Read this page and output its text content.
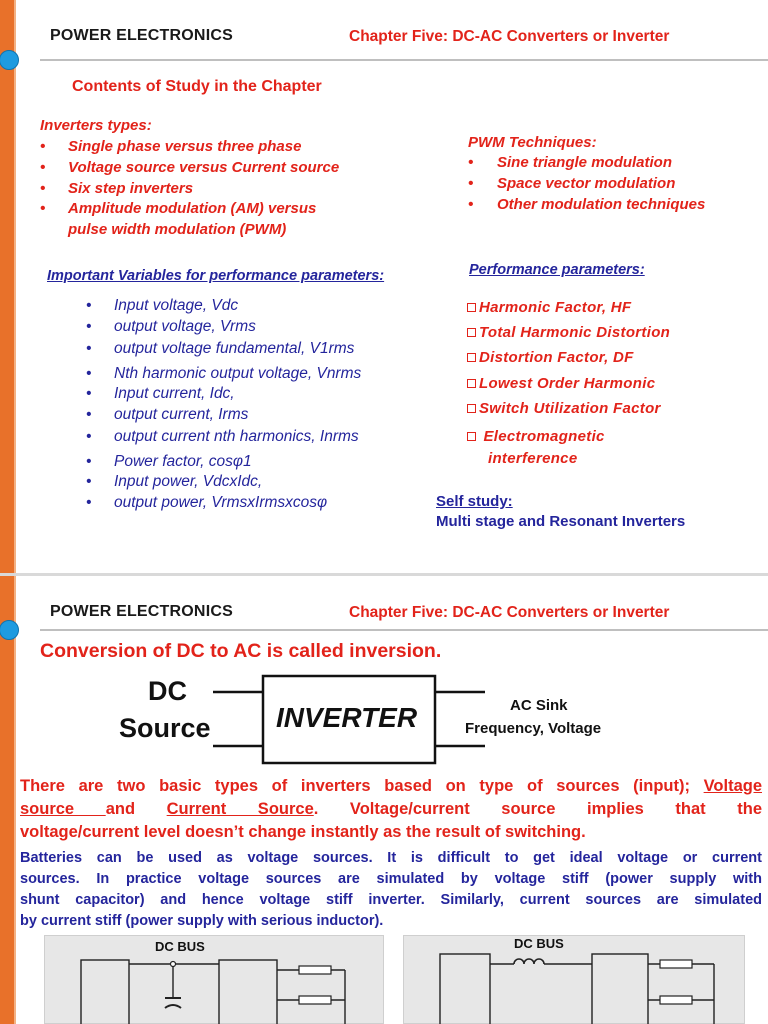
POWER ELECTRONICS	Chapter Five: DC-AC Converters or Inverter
Contents of Study in the Chapter
Inverters types:
• Single phase versus three phase
• Voltage source versus Current source
• Six step inverters
• Amplitude modulation (AM) versus
pulse width modulation (PWM)
PWM Techniques:
• Sine triangle modulation
• Space vector modulation
• Other modulation techniques
Important Variables for performance parameters:
• Input voltage, Vdc
• output voltage, Vrms
• output voltage fundamental, V1rms
• Nth harmonic output voltage, Vnrms
• Input current, Idc,
• output current, Irms
• output current nth harmonics, Inrms
• Power factor, cosφ1
• Input power, VdcxIdc,
• output power, VrmsxIrmsxcosφ
Performance parameters:
Harmonic Factor, HF
Total Harmonic Distortion
Distortion Factor, DF
Lowest Order Harmonic
Switch Utilization Factor
Electromagnetic
interference
Self study:
Multi stage and Resonant Inverters
POWER ELECTRONICS	Chapter Five: DC-AC Converters or Inverter
Conversion of DC to AC is called inversion.
DC
Source INVERTER	AC Sink
Frequency, Voltage
There are two basic types of inverters based on type of sources (input); Voltage
source and Current Source. Voltage/current source implies that the
voltage/current level doesn’t change instantly as the result of switching.
Batteries can be used as voltage sources. It is difficult to get ideal voltage or current
sources. In practice voltage sources are simulated by voltage stiff (power supply with
shunt capacitor) and hence voltage stiff inverter. Similarly, current sources are simulated
by current stiff (power supply with serious inductor).
DC BUS	DC BUS
